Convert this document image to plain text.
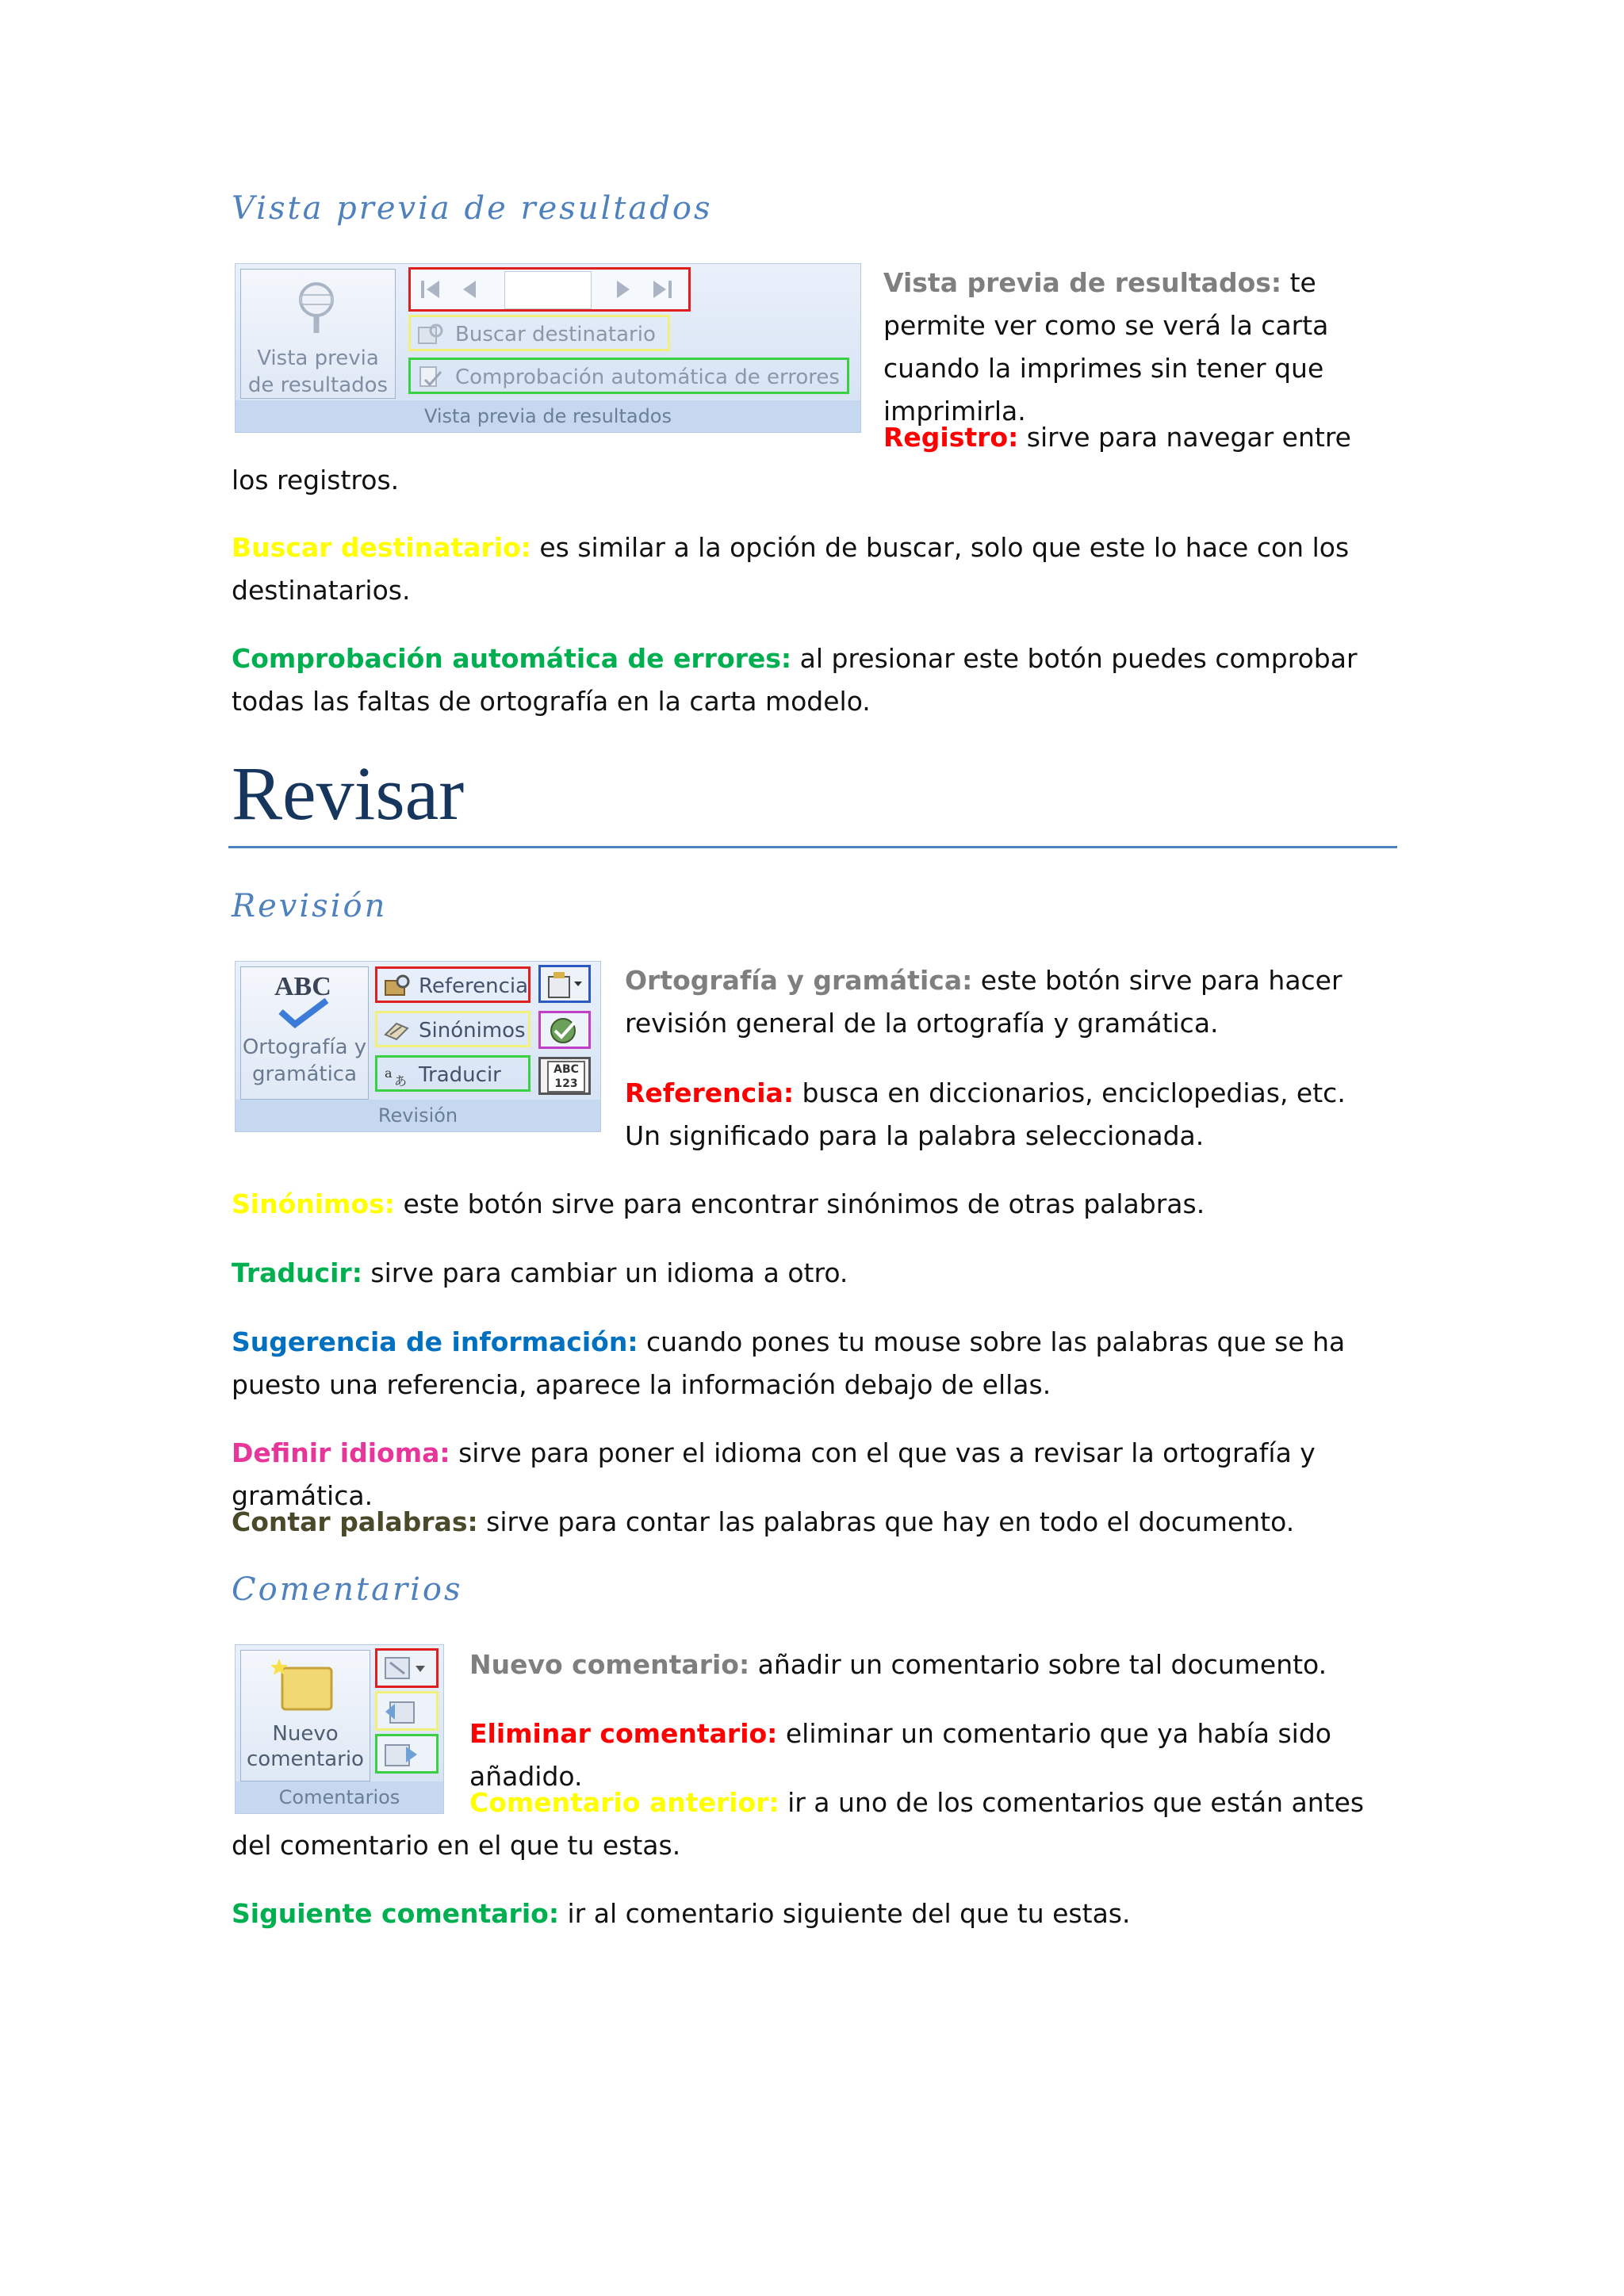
Vista previa de resultados
Vista previa de resultados
Buscar destinatario
Comprobación automática de errores
Vista previa de resultados

Vista previa de resultados: te permite ver como se verá la carta cuando la imprimes sin tener que imprimirla.

Registro: sirve para navegar entre los registros.

Buscar destinatario: es similar a la opción de buscar, solo que este lo hace con los destinatarios.

Comprobación automática de errores: al presionar este botón puedes comprobar todas las faltas de ortografía en la carta modelo.

Revisar
Revisión
ABC
Ortografía y gramática
Referencia
Sinónimos
a
あ Traducir	ABC 123
Revisión

Ortografía y gramática: este botón sirve para hacer revisión general de la ortografía y gramática.

Referencia: busca en diccionarios, enciclopedias, etc. Un significado para la palabra seleccionada.

Sinónimos: este botón sirve para encontrar sinónimos de otras palabras.

Traducir: sirve para cambiar un idioma a otro.

Sugerencia de información: cuando pones tu mouse sobre las palabras que se ha puesto una referencia, aparece la información debajo de ellas.

Definir idioma: sirve para poner el idioma con el que vas a revisar la ortografía y gramática.

Contar palabras: sirve para contar las palabras que hay en todo el documento.

Comentarios
Nuevo comentario
Comentarios

Nuevo comentario: añadir un comentario sobre tal documento.

Eliminar comentario: eliminar un comentario que ya había sido añadido.

Comentario anterior: ir a uno de los comentarios que están antes del comentario en el que tu estas.

Siguiente comentario: ir al comentario siguiente del que tu estas.
